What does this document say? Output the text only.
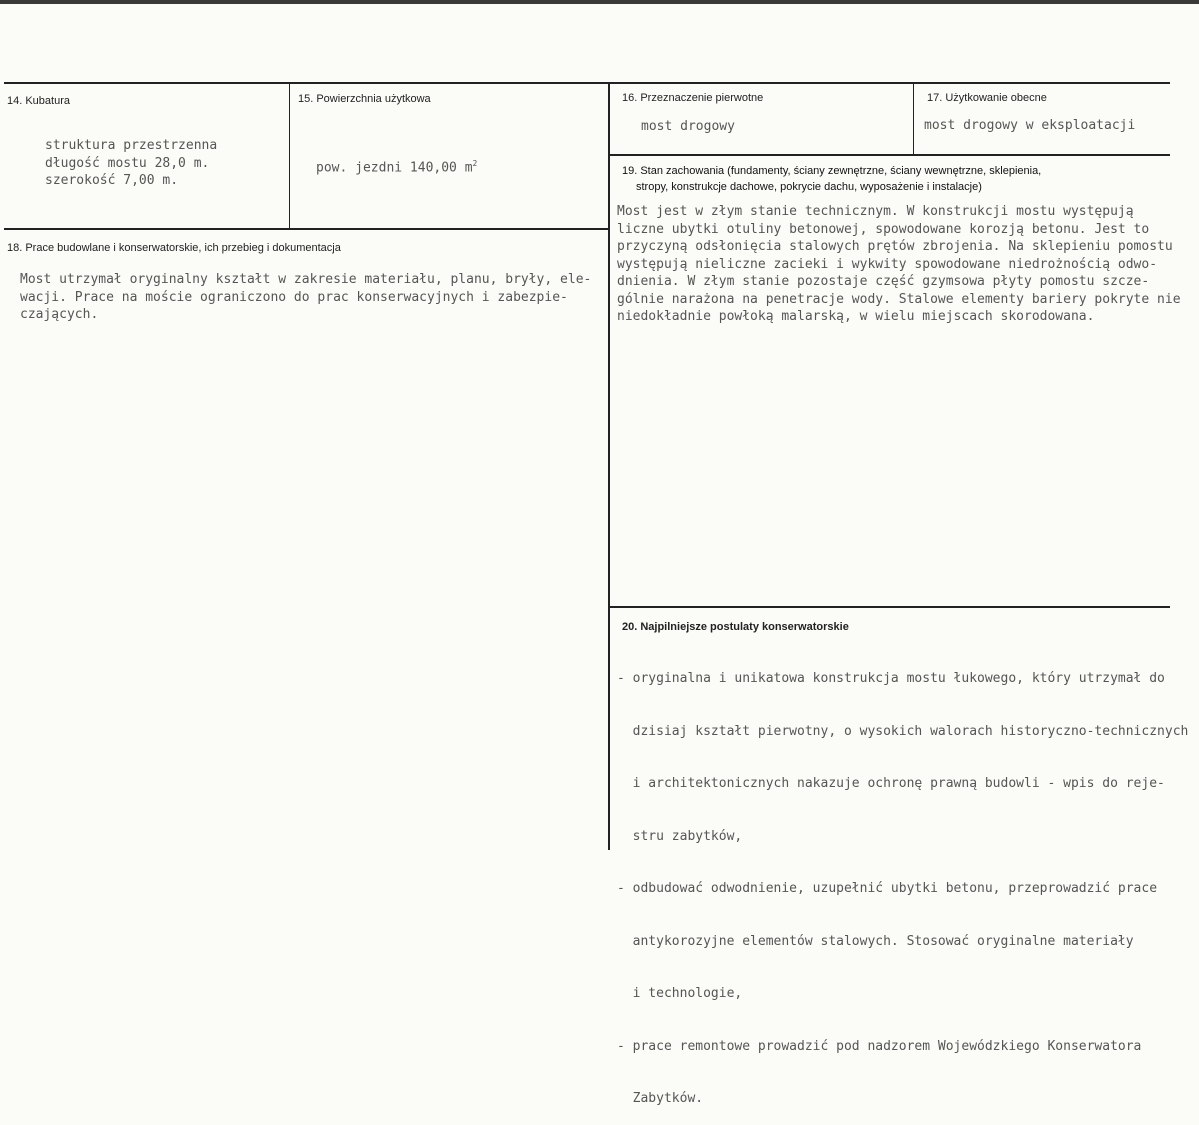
14. Kubatura
struktura przestrzenna
długość mostu 28,0 m.
szerokość 7,00 m.
15. Powierzchnia użytkowa
pow. jezdni 140,00 $m^2$
16. Przeznaczenie pierwotne
most drogowy
17. Użytkowanie obecne
most drogowy w eksploatacji
18. Prace budowlane i konserwatorskie, ich przebieg i dokumentacja
Most utrzymał oryginalny kształt w zakresie materiału, planu, bryły, ele-
wacji. Prace na moście ograniczono do prac konserwacyjnych i zabezpie-
czających.
19. Stan zachowania (fundamenty, ściany zewnętrzne, ściany wewnętrzne, sklepienia,
stropy, konstrukcje dachowe, pokrycie dachu, wyposażenie i instalacje)
Most jest w złym stanie technicznym. W konstrukcji mostu występują
liczne ubytki otuliny betonowej, spowodowane korozją betonu. Jest to
przyczyną odsłonięcia stalowych prętów zbrojenia. Na sklepieniu pomostu
występują nieliczne zacieki i wykwity spowodowane niedrożnością odwo-
dnienia. W złym stanie pozostaje część gzymsowa płyty pomostu szcze-
gólnie narażona na penetracje wody. Stalowe elementy bariery pokryte nie
niedokładnie powłoką malarską, w wielu miejscach skorodowana.
20. Najpilniejsze postulaty konserwatorskie

- oryginalna i unikatowa konstrukcja mostu łukowego, który utrzymał do

dzisiaj kształt pierwotny, o wysokich walorach historyczno-technicznych

i architektonicznych nakazuje ochronę prawną budowli - wpis do reje-

stru zabytków,

- odbudować odwodnienie, uzupełnić ubytki betonu, przeprowadzić prace

antykorozyjne elementów stalowych. Stosować oryginalne materiały

i technologie,

- prace remontowe prowadzić pod nadzorem Wojewódzkiego Konserwatora

Zabytków.
